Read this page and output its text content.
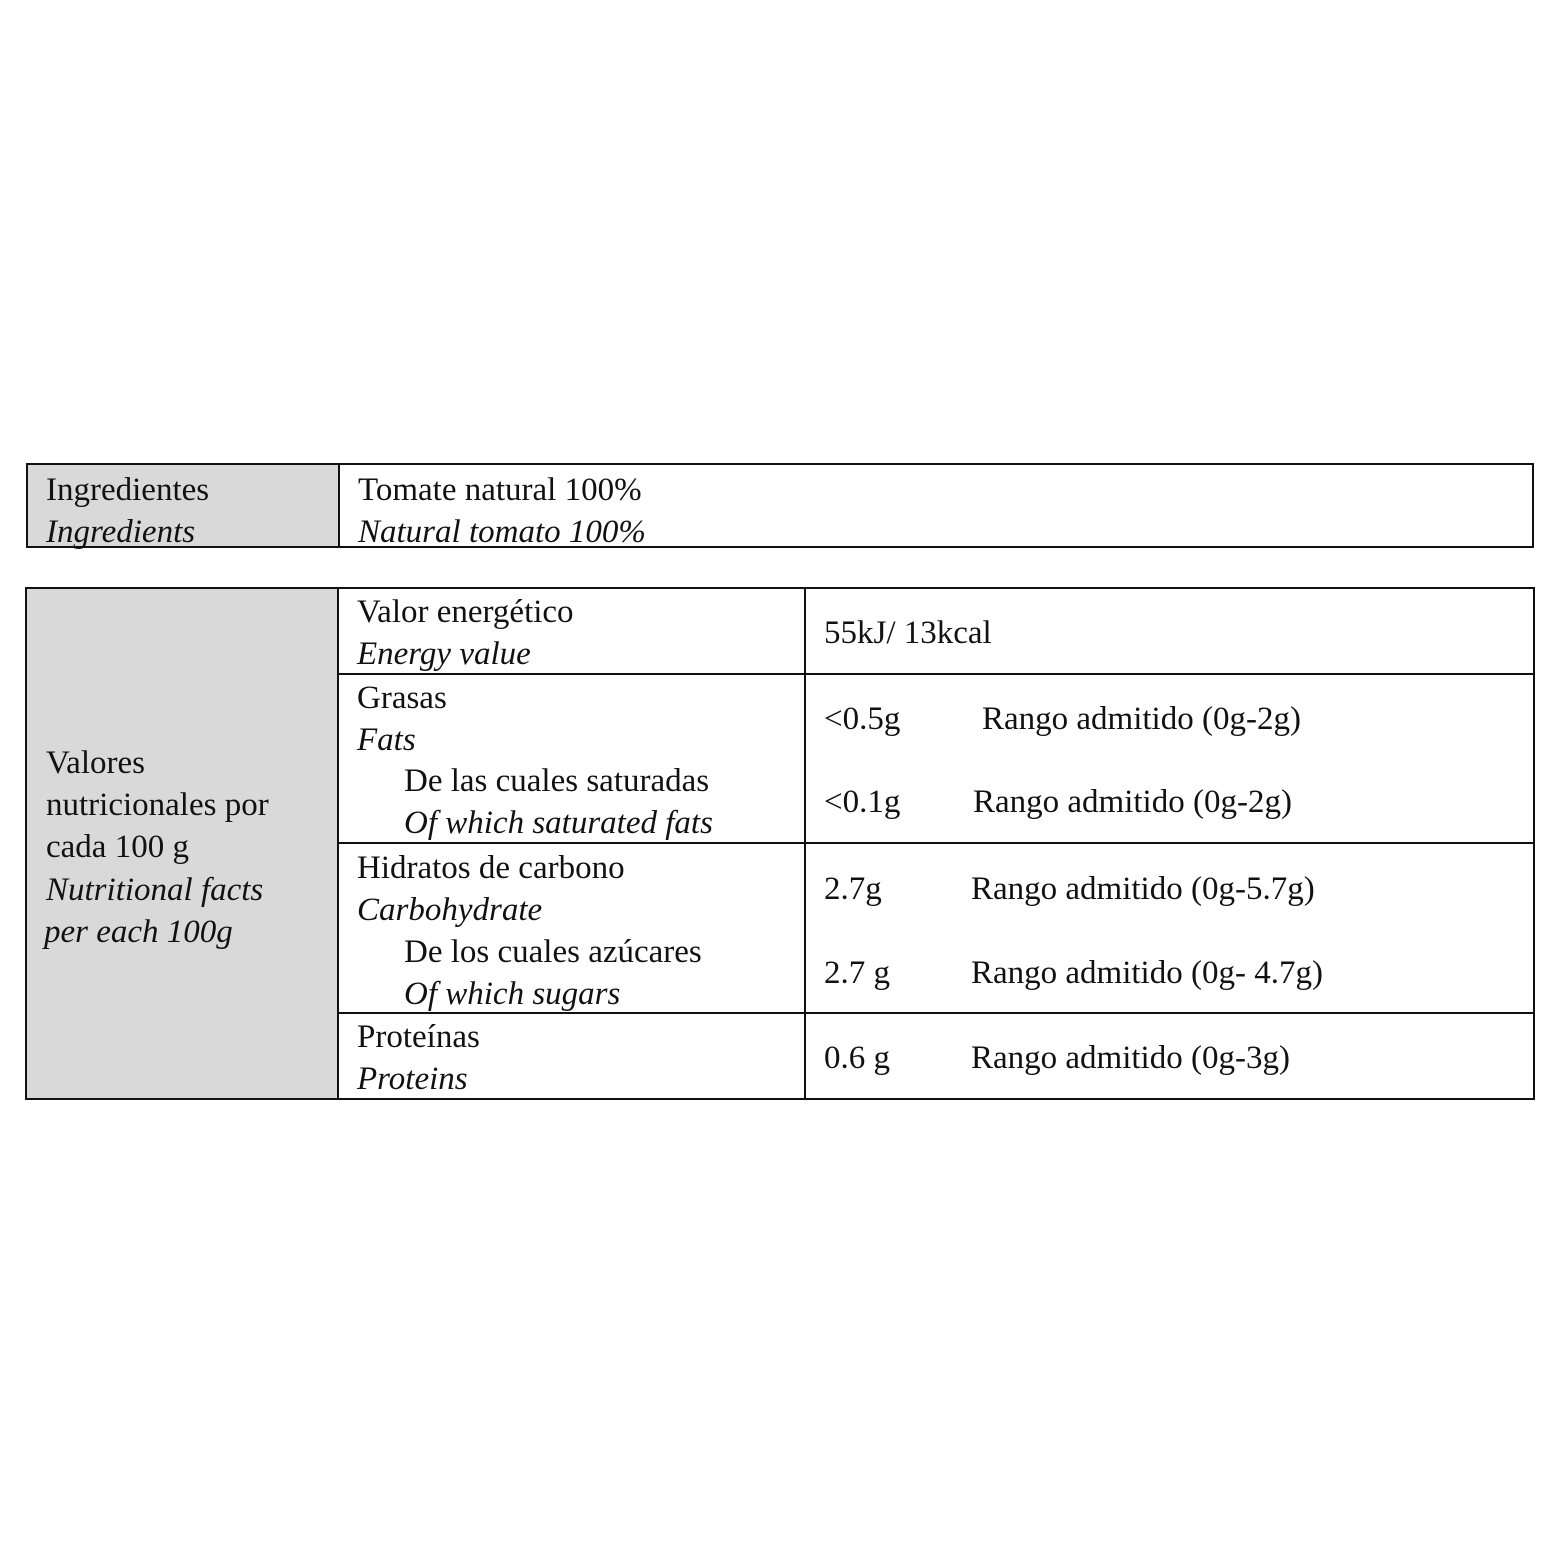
Ingredientes
Ingredients
Tomate natural 100%
Natural tomato 100%
Valores
nutricionales por
cada 100 g
Nutritional facts
per each 100g
Valor energético
Energy value
55kJ/ 13kcal
Grasas
Fats
<0.5g Rango admitido (0g-2g)
De las cuales saturadas
Of which saturated fats
<0.1g Rango admitido (0g-2g)
Hidratos de carbono
Carbohydrate
2.7g	Rango admitido (0g-5.7g)
De los cuales azúcares
Of which sugars
2.7 g Rango admitido (0g- 4.7g)
Proteínas
Proteins
0.6 g Rango admitido (0g-3g)
